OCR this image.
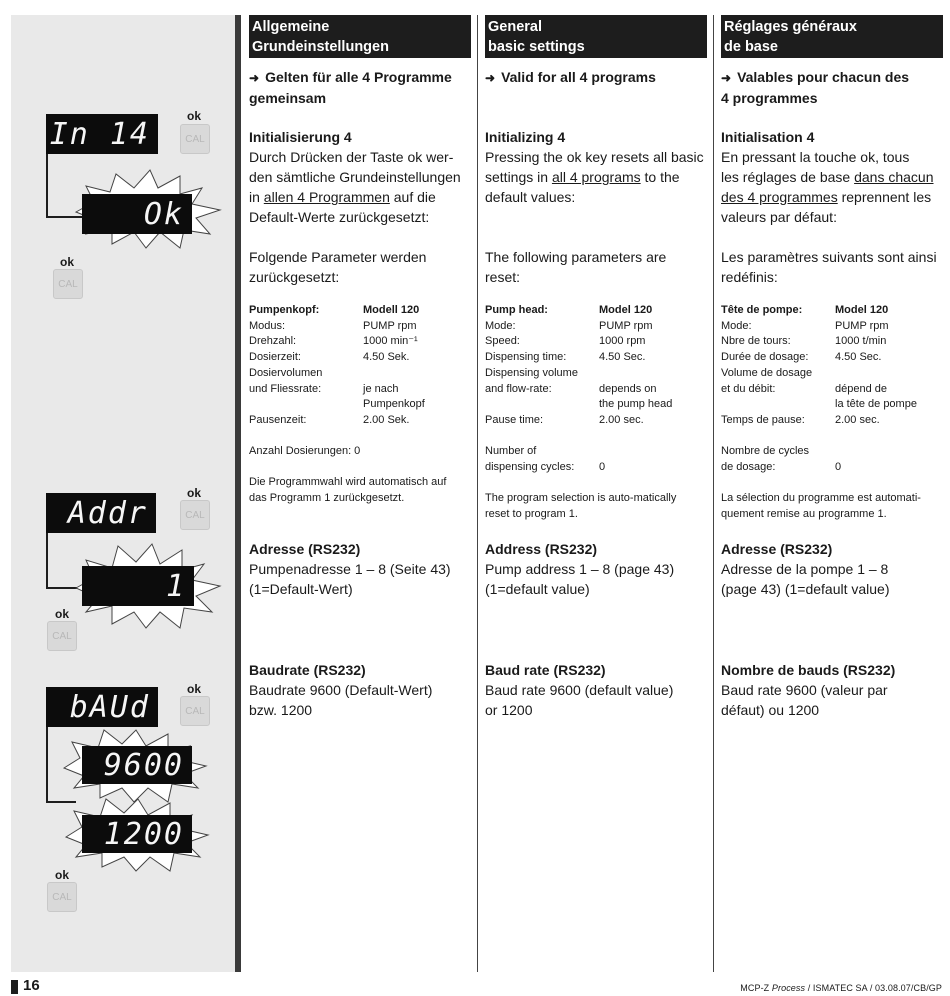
In 14
ok
CAL
Ok
ok
CAL
Addr
ok
CAL
1
ok
CAL
bAUd
ok
CAL
9600
1200
ok
CAL
Allgemeine
Grundeinstellungen
➜ Gelten für alle 4 Programme
gemeinsam
Initialisierung 4
Durch Drücken der Taste ok wer-
den sämtliche Grundeinstellungen
in allen 4 Programmen auf die
Default-Werte zurückgesetzt:
Folgende Parameter werden
zurückgesetzt:
Pumpenkopf:	Modell 120
Modus:	PUMP rpm
Drehzahl:	1000 min⁻¹
Dosierzeit:	4.50 Sek.
Dosiervolumen
und Fliessrate:	je nach
Pumpenkopf
Pausenzeit:	2.00 Sek.
Anzahl Dosierungen: 0
Die Programmwahl wird automatisch auf
das Programm 1 zurückgesetzt.
Adresse (RS232)
Pumpenadresse 1 – 8 (Seite 43)
(1=Default-Wert)
Baudrate (RS232)
Baudrate 9600 (Default-Wert)
bzw. 1200
General
basic settings
➜ Valid for all 4 programs
Initializing 4
Pressing the ok key resets all basic
settings in all 4 programs to the
default values:
The following parameters are
reset:
Pump head:	Model 120
Mode:	PUMP rpm
Speed:	1000 rpm
Dispensing time:	4.50 Sec.
Dispensing volume
and flow-rate:	depends on
the pump head
Pause time:	2.00 sec.
Number of
dispensing cycles:	0
The program selection is auto-matically
reset to program 1.
Address (RS232)
Pump address 1 – 8 (page 43)
(1=default value)
Baud rate (RS232)
Baud rate 9600 (default value)
or 1200
Réglages généraux
de base
➜ Valables pour chacun des
4 programmes
Initialisation 4
En pressant la touche ok, tous
les réglages de base dans chacun
des 4 programmes reprennent les
valeurs par défaut:
Les paramètres suivants sont ainsi
redéfinis:
Tête de pompe:	Model 120
Mode:	PUMP rpm
Nbre de tours:	1000 t/min
Durée de dosage:	4.50 Sec.
Volume de dosage
et du débit:	dépend de
la tête de pompe
Temps de pause:	2.00 sec.
Nombre de cycles
de dosage:	0
La sélection du programme est automati-
quement remise au programme 1.
Adresse (RS232)
Adresse de la pompe 1 – 8
(page 43) (1=default value)
Nombre de bauds (RS232)
Baud rate 9600 (valeur par
défaut) ou 1200
16	MCP-Z Process / ISMATEC SA / 03.08.07/CB/GP
